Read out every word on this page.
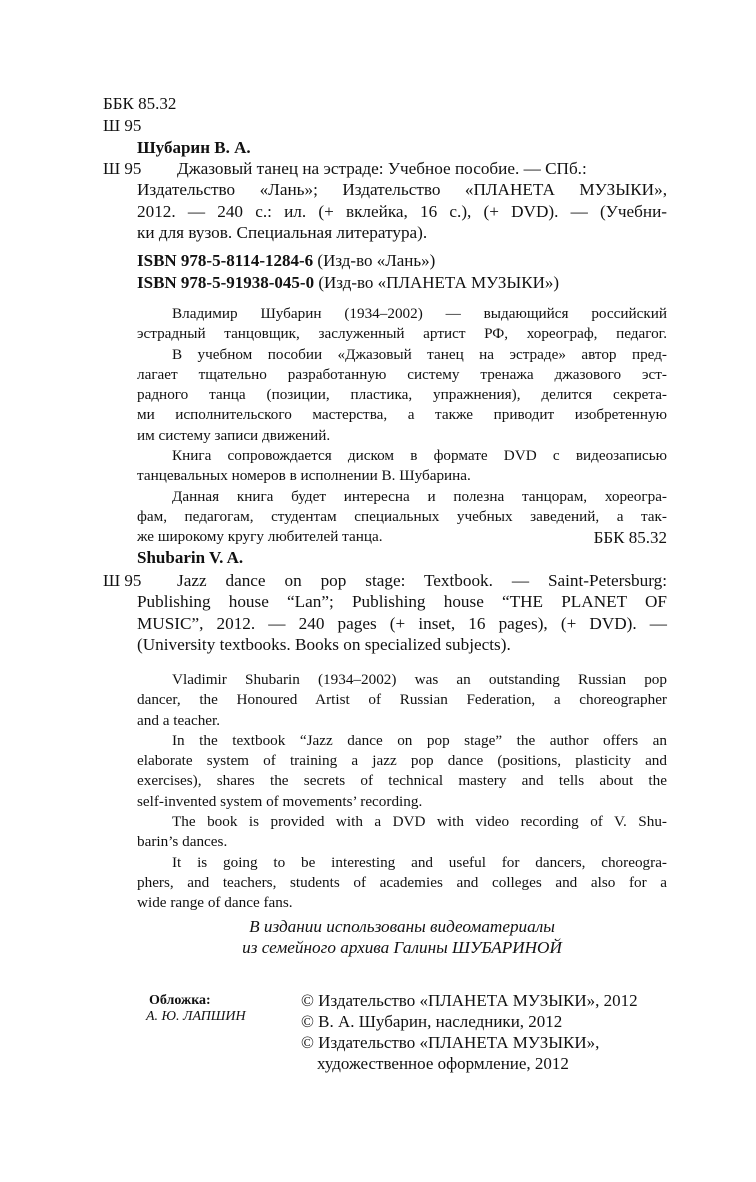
ББК 85.32
Ш 95
Шубарин В. А.
Ш 95	Джазовый танец на эстраде: Учебное пособие. — СПб.:
Издательство «Лань»; Издательство «ПЛАНЕТА МУЗЫКИ»,
2012. — 240 с.: ил. (+ вклейка, 16 с.), (+ DVD). — (Учебни-
ки для вузов. Специальная литература).
ISBN 978-5-8114-1284-6 (Изд-во «Лань»)
ISBN 978-5-91938-045-0 (Изд-во «ПЛАНЕТА МУЗЫКИ»)
Владимир Шубарин (1934–2002) — выдающийся российский
эстрадный танцовщик, заслуженный артист РФ, хореограф, педагог.
В учебном пособии «Джазовый танец на эстраде» автор пред-
лагает тщательно разработанную систему тренажа джазового эст-
радного танца (позиции, пластика, упражнения), делится секрета-
ми исполнительского мастерства, а также приводит изобретенную
им систему записи движений.
Книга сопровождается диском в формате DVD с видеозаписью
танцевальных номеров в исполнении В. Шубарина.
Данная книга будет интересна и полезна танцорам, хореогра-
фам, педагогам, студентам специальных учебных заведений, а так-
же широкому кругу любителей танца.	ББК 85.32
Shubarin V. A.
Ш 95	Jazz dance on pop stage: Textbook. — Saint-Petersburg:
Publishing house “Lan”; Publishing house “THE PLANET OF
MUSIC”, 2012. — 240 pages (+ inset, 16 pages), (+ DVD). —
(University textbooks. Books on specialized subjects).
Vladimir Shubarin (1934–2002) was an outstanding Russian pop
dancer, the Honoured Artist of Russian Federation, a choreographer
and a teacher.
In the textbook “Jazz dance on pop stage” the author offers an
elaborate system of training a jazz pop dance (positions, plasticity and
exercises), shares the secrets of technical mastery and tells about the
self-invented system of movements’ recording.
The book is provided with a DVD with video recording of V. Shu-
barin’s dances.
It is going to be interesting and useful for dancers, choreogra-
phers, and teachers, students of academies and colleges and also for a
wide range of dance fans.
В издании использованы видеоматериалы
из семейного архива Галины ШУБАРИНОЙ
Обложка:
А. Ю. ЛАПШИН
© Издательство «ПЛАНЕТА МУЗЫКИ», 2012
© В. А. Шубарин, наследники, 2012
© Издательство «ПЛАНЕТА МУЗЫКИ»,
художественное оформление, 2012
